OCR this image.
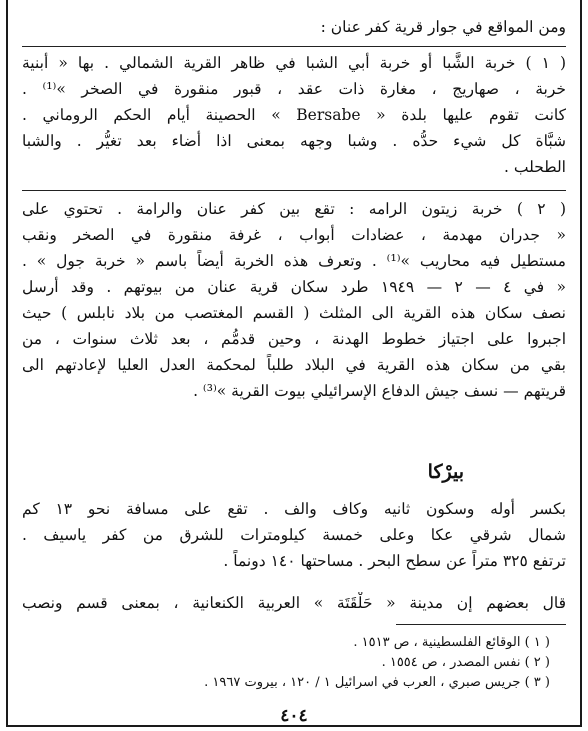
ومن المواقع في جوار قرية كفر عنان :
( ١ ) خربة الشَّبا أو خربة أبي الشبا في ظاهر القرية الشمالي . بها « أبنية
خربة ، صهاريج ، مغارة ذات عقد ، قبور منقورة في الصخر »⁽¹⁾ .
كانت تقوم عليها بلدة « Bersabe » الحصينة أيام الحكم الروماني .
شبَّاة كل شيء حدُّه . وشبا وجهه بمعنى اذا أضاء بعد تغيُّر . والشبا
الطحلب .
( ٢ ) خربة زيتون الرامه : تقع بين كفر عنان والرامة . تحتوي على
« جدران مهدمة ، عضادات أبواب ، غرفة منقورة في الصخر ونقب
مستطيل فيه محاريب »⁽¹⁾ . وتعرف هذه الخربة أيضاً باسم « خربة جول » .
« في ٤ — ٢ — ١٩٤٩ طرد سكان قرية عنان من بيوتهم . وقد أرسل
نصف سكان هذه القرية الى المثلث ( القسم المغتصب من بلاد نابلس ) حيث
اجبروا على اجتياز خطوط الهدنة ، وحين قدمُّم ، بعد ثلاث سنوات ، من
بقي من سكان هذه القرية في البلاد طلباً لمحكمة العدل العليا لإعادتهم الى
قريتهم — نسف جيش الدفاع الإسرائيلي بيوت القرية »⁽³⁾ .
بيرْكا
بكسر أوله وسكون ثانيه وكاف والف . تقع على مسافة نحو ١٣ كم
شمال شرقي عكا وعلى خمسة كيلومترات للشرق من كفر ياسيف .
ترتفع ٣٢٥ متراً عن سطح البحر . مساحتها ١٤٠ دونماً .
قال بعضهم إن مدينة « حَلْقَتَة » العربية الكنعانية ، بمعنى قسم ونصب
( ١ ) الوقائع الفلسطينية ، ص ١٥١٣ .
( ٢ ) نفس المصدر ، ص ١٥٥٤ .
( ٣ ) جريس صبري ، العرب في اسرائيل ١ / ١٢٠ ، بيروت ١٩٦٧ .
٤٠٤
